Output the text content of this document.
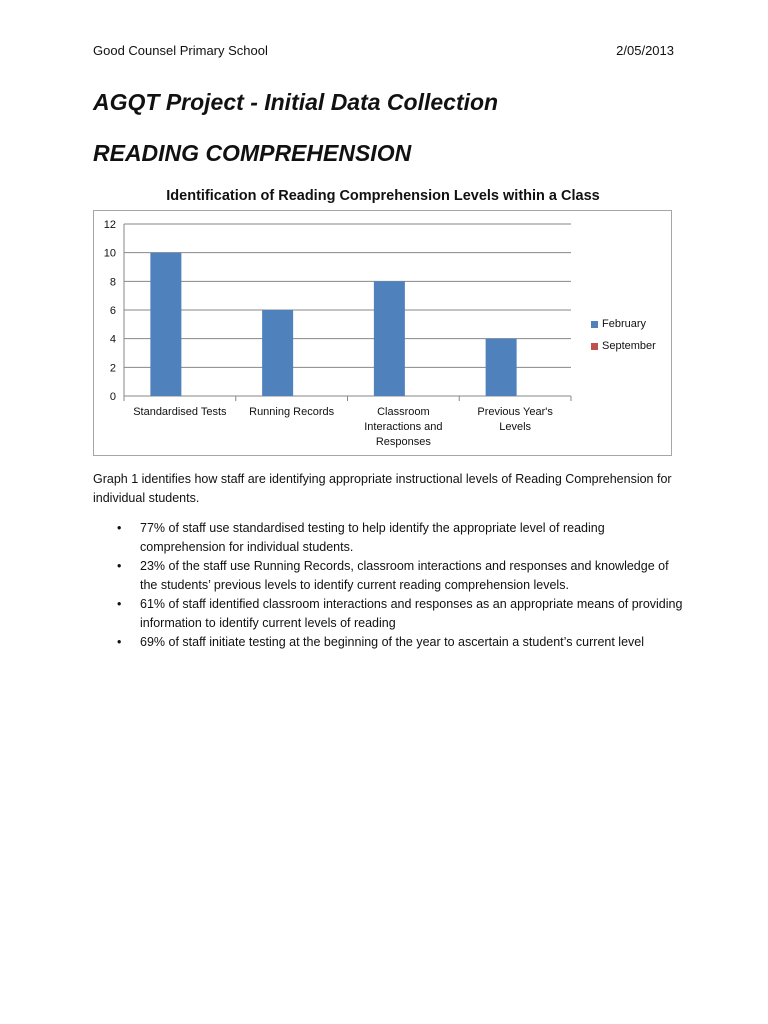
Good Counsel Primary School	2/05/2013
AGQT Project - Initial Data Collection
READING COMPREHENSION
Identification of Reading Comprehension Levels within a Class
0
2
4
6
8
10
12
Standardised Tests Running Records	Classroom
Interactions and
Responses
Previous Year's
Levels
February
September
Graph 1 identifies how staff are identifying appropriate instructional levels of Reading Comprehension for individual students.
• 77% of staff use standardised testing to help identify the appropriate level of reading comprehension for individual students.
• 23% of the staff use Running Records, classroom interactions and responses and knowledge of the students’ previous levels to identify current reading comprehension levels.
• 61% of staff identified classroom interactions and responses as an appropriate means of providing information to identify current levels of reading
• 69% of staff initiate testing at the beginning of the year to ascertain a student’s current level
